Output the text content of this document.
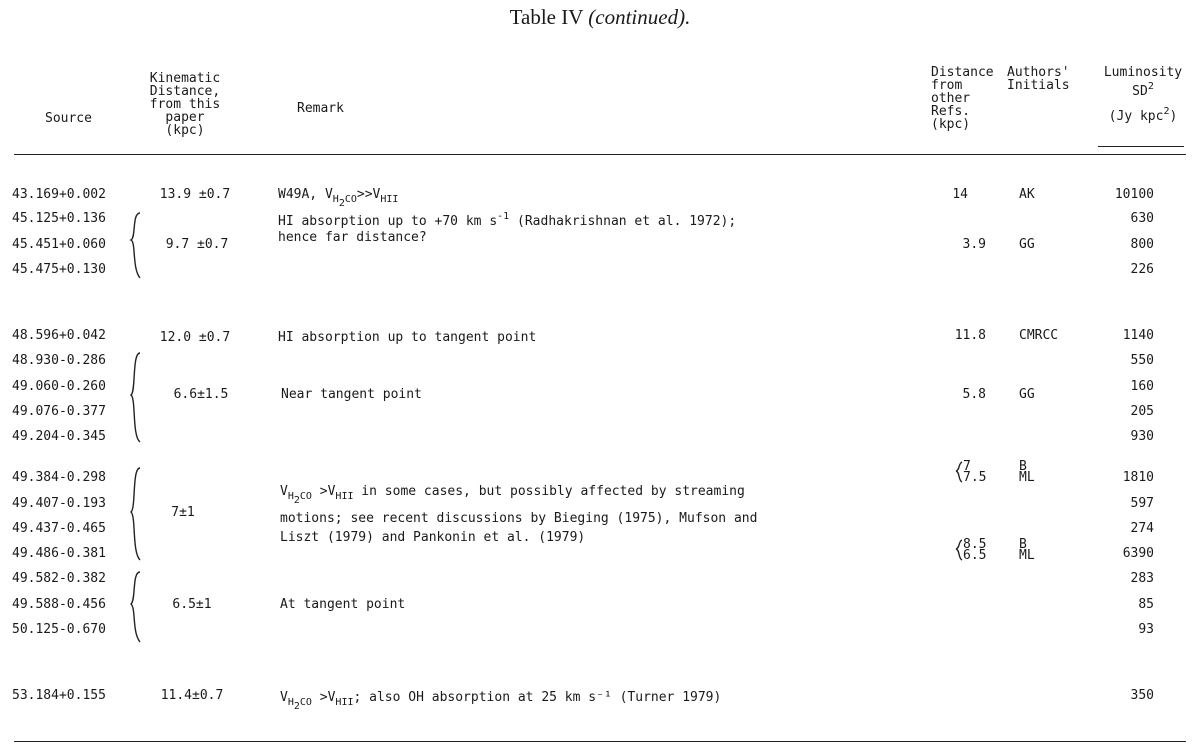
Table IV (continued).
Source
Kinematic
Distance,
from this
paper
(kpc)
Remark
Distance
from
other
Refs.
(kpc)
Authors'
Initials
Luminosity
$SD^2$
(Jy kpc$^2$)
43.169+0.002
45.125+0.136
45.451+0.060
45.475+0.130
48.596+0.042
48.930-0.286
49.060-0.260
49.076-0.377
49.204-0.345
49.384-0.298
49.407-0.193
49.437-0.465
49.486-0.381
49.582-0.382
49.588-0.456
50.125-0.670
53.184+0.155
10100
630
800
226
1140
550
160
205
930
1810
597
274
6390
283
85
93
350
13.9 ±0.7
9.7 ±0.7
12.0 ±0.7
6.6±1.5
7±1
6.5±1
11.4±0.7
W49A, $V_{H_2CO}>>V_{HII}$
HI absorption up to +70 km $s^{-1}$ (Radhakrishnan et al. 1972);
hence far distance?
HI absorption up to tangent point
Near tangent point
$V_{H_2CO} >V_{HII}$ in some cases, but possibly affected by streaming
motions; see recent discussions by Bieging (1975), Mufson and
Liszt (1979) and Pankonin et al. (1979)
At tangent point
$V_{H_2CO} >V_{HII}$; also OH absorption at 25 km s⁻¹ (Turner 1979)
14
3.9
11.8
5.8
7
7.5
8.5
6.5
AK
GG
CMRCC
GG
B
ML
B
ML
